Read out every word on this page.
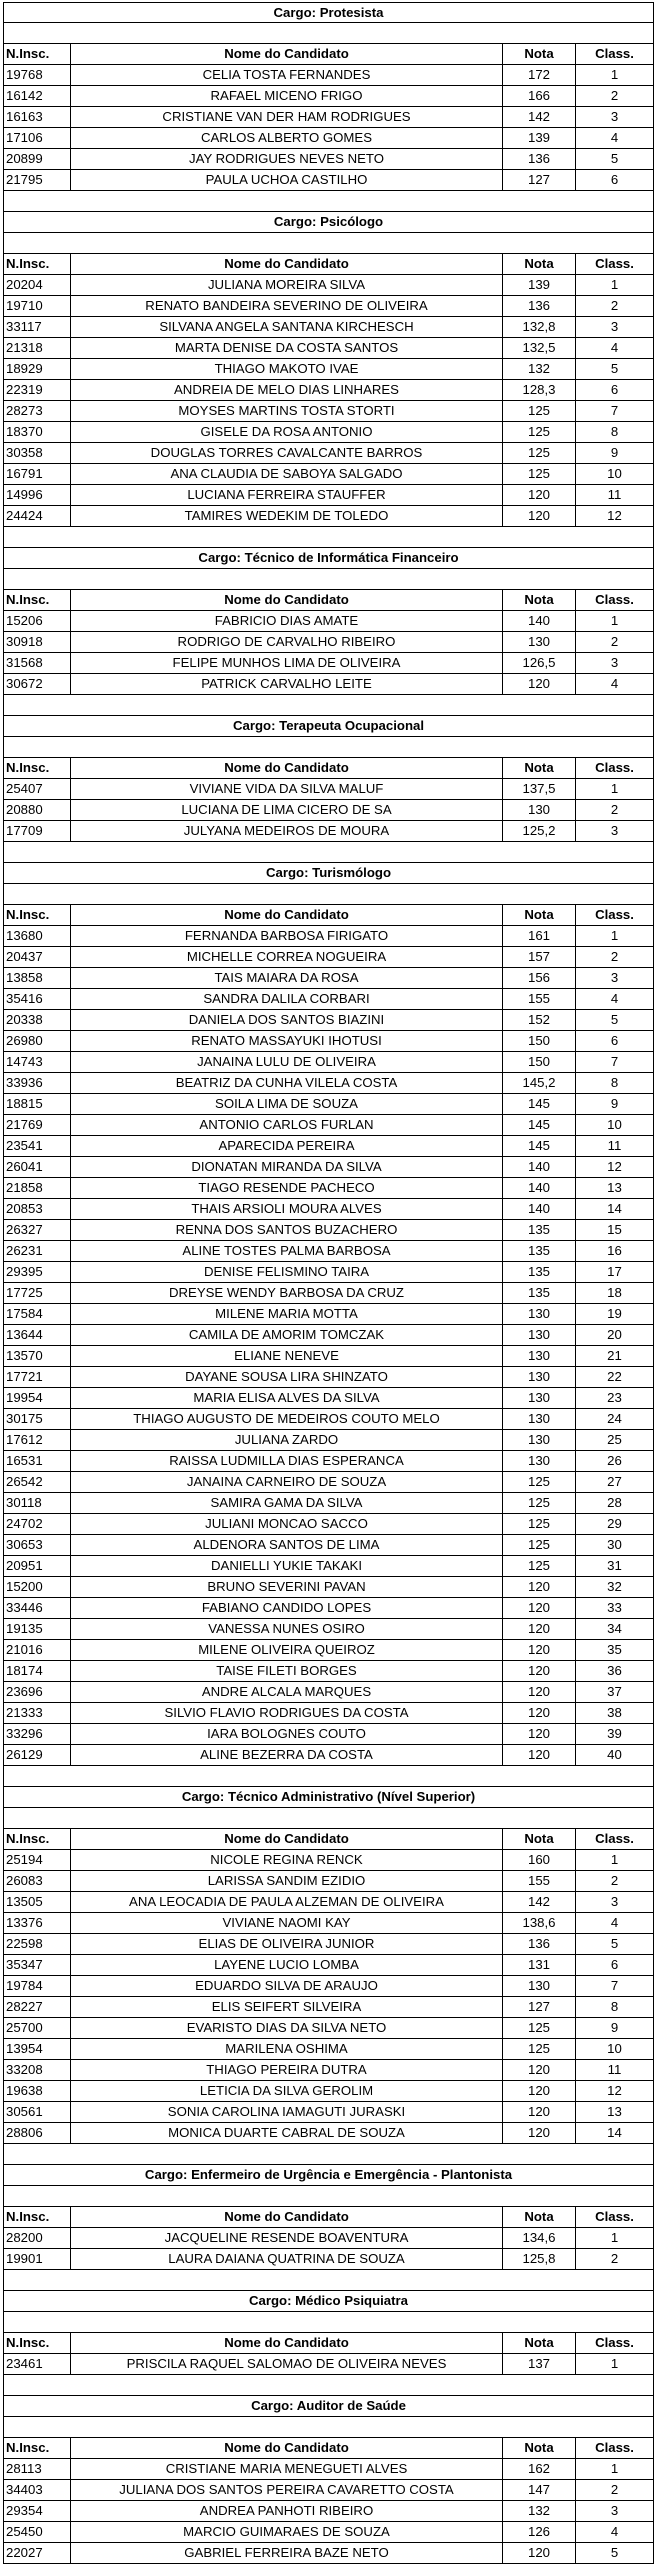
Cargo: Protesista
N.Insc.	Nome do Candidato	Nota	Class.
19768	CELIA TOSTA FERNANDES	172	1
16142	RAFAEL MICENO FRIGO	166	2
16163	CRISTIANE VAN DER HAM RODRIGUES	142	3
17106	CARLOS ALBERTO GOMES	139	4
20899	JAY RODRIGUES NEVES NETO	136	5
21795	PAULA UCHOA CASTILHO	127	6
Cargo: Psicólogo
N.Insc.	Nome do Candidato	Nota	Class.
20204	JULIANA MOREIRA SILVA	139	1
19710	RENATO BANDEIRA SEVERINO DE OLIVEIRA	136	2
33117	SILVANA ANGELA SANTANA KIRCHESCH	132,8	3
21318	MARTA DENISE DA COSTA SANTOS	132,5	4
18929	THIAGO MAKOTO IVAE	132	5
22319	ANDREIA DE MELO DIAS LINHARES	128,3	6
28273	MOYSES MARTINS TOSTA STORTI	125	7
18370	GISELE DA ROSA ANTONIO	125	8
30358	DOUGLAS TORRES CAVALCANTE BARROS	125	9
16791	ANA CLAUDIA DE SABOYA SALGADO	125	10
14996	LUCIANA FERREIRA STAUFFER	120	11
24424	TAMIRES WEDEKIM DE TOLEDO	120	12
Cargo: Técnico de Informática Financeiro
N.Insc.	Nome do Candidato	Nota	Class.
15206	FABRICIO DIAS AMATE	140	1
30918	RODRIGO DE CARVALHO RIBEIRO	130	2
31568	FELIPE MUNHOS LIMA DE OLIVEIRA	126,5	3
30672	PATRICK CARVALHO LEITE	120	4
Cargo: Terapeuta Ocupacional
N.Insc.	Nome do Candidato	Nota	Class.
25407	VIVIANE VIDA DA SILVA MALUF	137,5	1
20880	LUCIANA DE LIMA CICERO DE SA	130	2
17709	JULYANA MEDEIROS DE MOURA	125,2	3
Cargo: Turismólogo
N.Insc.	Nome do Candidato	Nota	Class.
13680	FERNANDA BARBOSA FIRIGATO	161	1
20437	MICHELLE CORREA NOGUEIRA	157	2
13858	TAIS MAIARA DA ROSA	156	3
35416	SANDRA DALILA CORBARI	155	4
20338	DANIELA DOS SANTOS BIAZINI	152	5
26980	RENATO MASSAYUKI IHOTUSI	150	6
14743	JANAINA LULU DE OLIVEIRA	150	7
33936	BEATRIZ DA CUNHA VILELA COSTA	145,2	8
18815	SOILA LIMA DE SOUZA	145	9
21769	ANTONIO CARLOS FURLAN	145	10
23541	APARECIDA PEREIRA	145	11
26041	DIONATAN MIRANDA DA SILVA	140	12
21858	TIAGO RESENDE PACHECO	140	13
20853	THAIS ARSIOLI MOURA ALVES	140	14
26327	RENNA DOS SANTOS BUZACHERO	135	15
26231	ALINE TOSTES PALMA BARBOSA	135	16
29395	DENISE FELISMINO TAIRA	135	17
17725	DREYSE WENDY BARBOSA DA CRUZ	135	18
17584	MILENE MARIA MOTTA	130	19
13644	CAMILA DE AMORIM TOMCZAK	130	20
13570	ELIANE NENEVE	130	21
17721	DAYANE SOUSA LIRA SHINZATO	130	22
19954	MARIA ELISA ALVES DA SILVA	130	23
30175	THIAGO AUGUSTO DE MEDEIROS COUTO MELO	130	24
17612	JULIANA ZARDO	130	25
16531	RAISSA LUDMILLA DIAS ESPERANCA	130	26
26542	JANAINA CARNEIRO DE SOUZA	125	27
30118	SAMIRA GAMA DA SILVA	125	28
24702	JULIANI MONCAO SACCO	125	29
30653	ALDENORA SANTOS DE LIMA	125	30
20951	DANIELLI YUKIE TAKAKI	125	31
15200	BRUNO SEVERINI PAVAN	120	32
33446	FABIANO CANDIDO LOPES	120	33
19135	VANESSA NUNES OSIRO	120	34
21016	MILENE OLIVEIRA QUEIROZ	120	35
18174	TAISE FILETI BORGES	120	36
23696	ANDRE ALCALA MARQUES	120	37
21333	SILVIO FLAVIO RODRIGUES DA COSTA	120	38
33296	IARA BOLOGNES COUTO	120	39
26129	ALINE BEZERRA DA COSTA	120	40
Cargo: Técnico Administrativo (Nível Superior)
N.Insc.	Nome do Candidato	Nota	Class.
25194	NICOLE REGINA RENCK	160	1
26083	LARISSA SANDIM EZIDIO	155	2
13505	ANA LEOCADIA DE PAULA ALZEMAN DE OLIVEIRA	142	3
13376	VIVIANE NAOMI KAY	138,6	4
22598	ELIAS DE OLIVEIRA JUNIOR	136	5
35347	LAYENE LUCIO LOMBA	131	6
19784	EDUARDO SILVA DE ARAUJO	130	7
28227	ELIS SEIFERT SILVEIRA	127	8
25700	EVARISTO DIAS DA SILVA NETO	125	9
13954	MARILENA OSHIMA	125	10
33208	THIAGO PEREIRA DUTRA	120	11
19638	LETICIA DA SILVA GEROLIM	120	12
30561	SONIA CAROLINA IAMAGUTI JURASKI	120	13
28806	MONICA DUARTE CABRAL DE SOUZA	120	14
Cargo: Enfermeiro de Urgência e Emergência - Plantonista
N.Insc.	Nome do Candidato	Nota	Class.
28200	JACQUELINE RESENDE BOAVENTURA	134,6	1
19901	LAURA DAIANA QUATRINA DE SOUZA	125,8	2
Cargo: Médico Psiquiatra
N.Insc.	Nome do Candidato	Nota	Class.
23461	PRISCILA RAQUEL SALOMAO DE OLIVEIRA NEVES	137	1
Cargo: Auditor de Saúde
N.Insc.	Nome do Candidato	Nota	Class.
28113	CRISTIANE MARIA MENEGUETI ALVES	162	1
34403	JULIANA DOS SANTOS PEREIRA CAVARETTO COSTA	147	2
29354	ANDREA PANHOTI RIBEIRO	132	3
25450	MARCIO GUIMARAES DE SOUZA	126	4
22027	GABRIEL FERREIRA BAZE NETO	120	5
